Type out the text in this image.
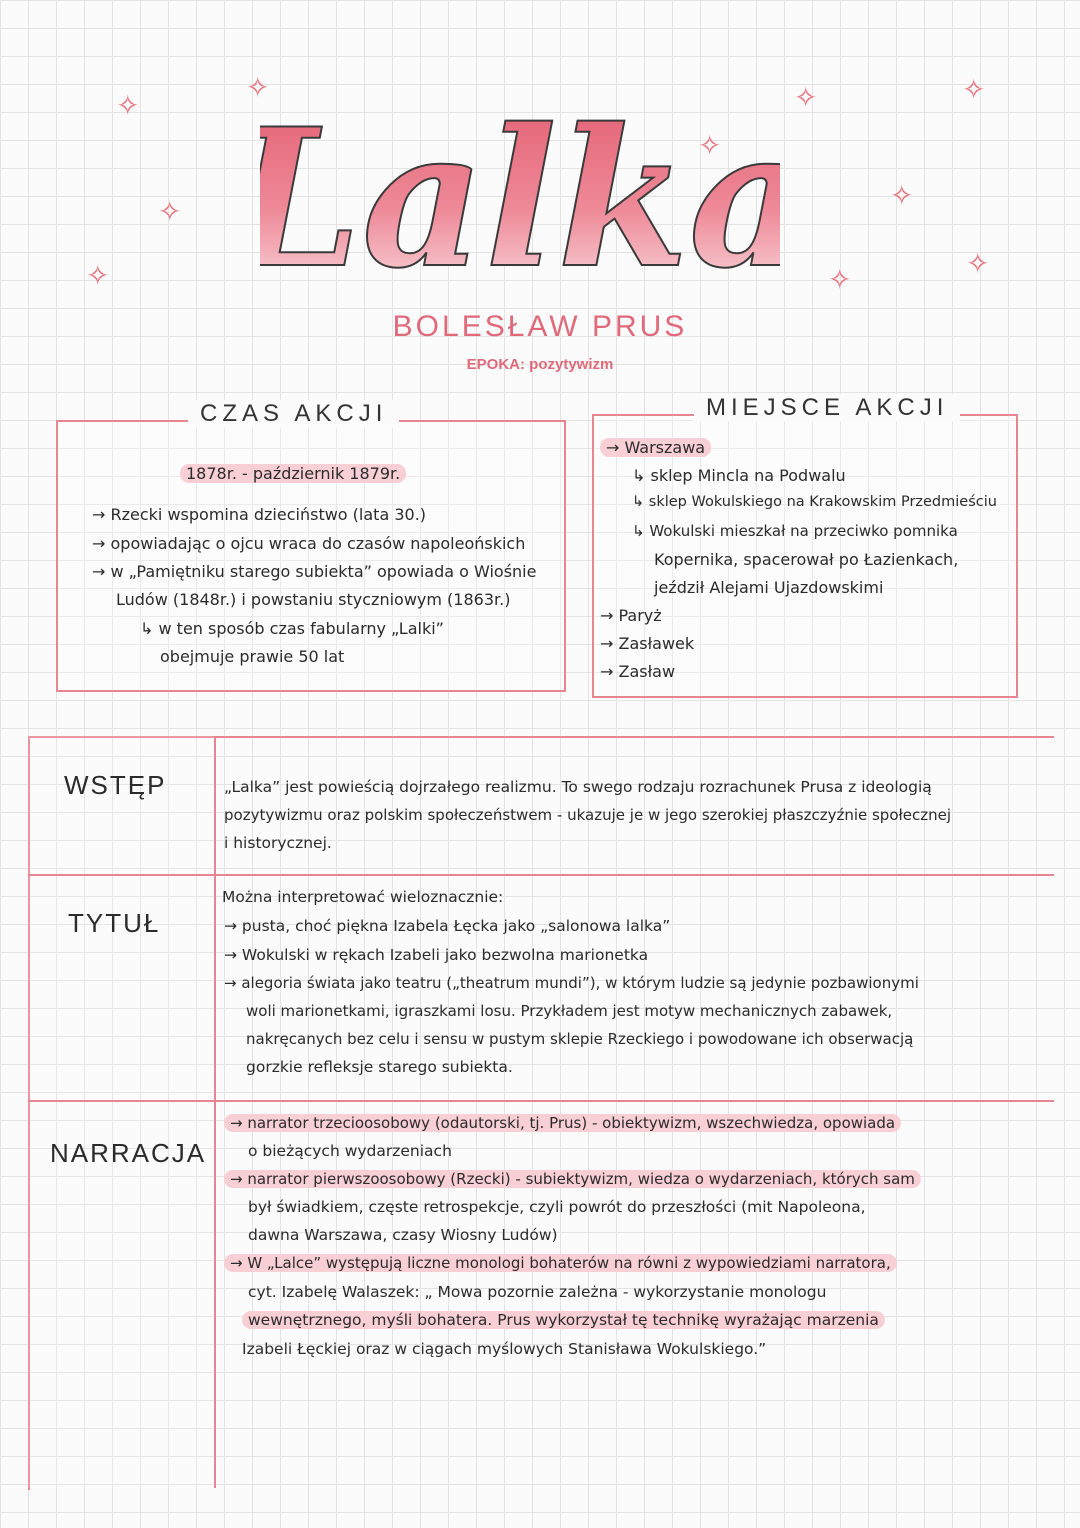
✧
✧
✧
✧
✧
✧	✧
✧
✧	✧
alka
BOLESŁAW PRUS
EPOKA: pozytywizm
CZAS AKCJI
1878r. - październik 1879r.
→ Rzecki wspomina dzieciństwo (lata 30.)
→ opowiadając o ojcu wraca do czasów napoleońskich
→ w „Pamiętniku starego subiekta” opowiada o Wiośnie
Ludów (1848r.) i powstaniu styczniowym (1863r.)
↳ w ten sposób czas fabularny „Lalki”
obejmuje prawie 50 lat
MIEJSCE AKCJI
→ Warszawa
↳ sklep Mincla na Podwalu
↳ sklep Wokulskiego na Krakowskim Przedmieściu
↳ Wokulski mieszkał na przeciwko pomnika
Kopernika, spacerował po Łazienkach,
jeździł Alejami Ujazdowskimi
→ Paryż
→ Zasławek
→ Zasław
WSTĘP	„Lalka” jest powieścią dojrzałego realizmu. To swego rodzaju rozrachunek Prusa z ideologią
pozytywizmu oraz polskim społeczeństwem - ukazuje je w jego szerokiej płaszczyźnie społecznej
i historycznej.
TYTUŁ
Można interpretować wieloznacznie:
→ pusta, choć piękna Izabela Łęcka jako „salonowa lalka”
→ Wokulski w rękach Izabeli jako bezwolna marionetka
→ alegoria świata jako teatru („theatrum mundi”), w którym ludzie są jedynie pozbawionymi
woli marionetkami, igraszkami losu. Przykładem jest motyw mechanicznych zabawek,
nakręcanych bez celu i sensu w pustym sklepie Rzeckiego i powodowane ich obserwacją
gorzkie refleksje starego subiekta.
NARRACJA
→ narrator trzecioosobowy (odautorski, tj. Prus) - obiektywizm, wszechwiedza, opowiada
o bieżących wydarzeniach
→ narrator pierwszoosobowy (Rzecki) - subiektywizm, wiedza o wydarzeniach, których sam
był świadkiem, częste retrospekcje, czyli powrót do przeszłości (mit Napoleona,
dawna Warszawa, czasy Wiosny Ludów)
→ W „Lalce” występują liczne monologi bohaterów na równi z wypowiedziami narratora,
cyt. Izabelę Walaszek: „ Mowa pozornie zależna - wykorzystanie monologu
wewnętrznego, myśli bohatera. Prus wykorzystał tę technikę wyrażając marzenia
Izabeli Łęckiej oraz w ciągach myślowych Stanisława Wokulskiego.”
